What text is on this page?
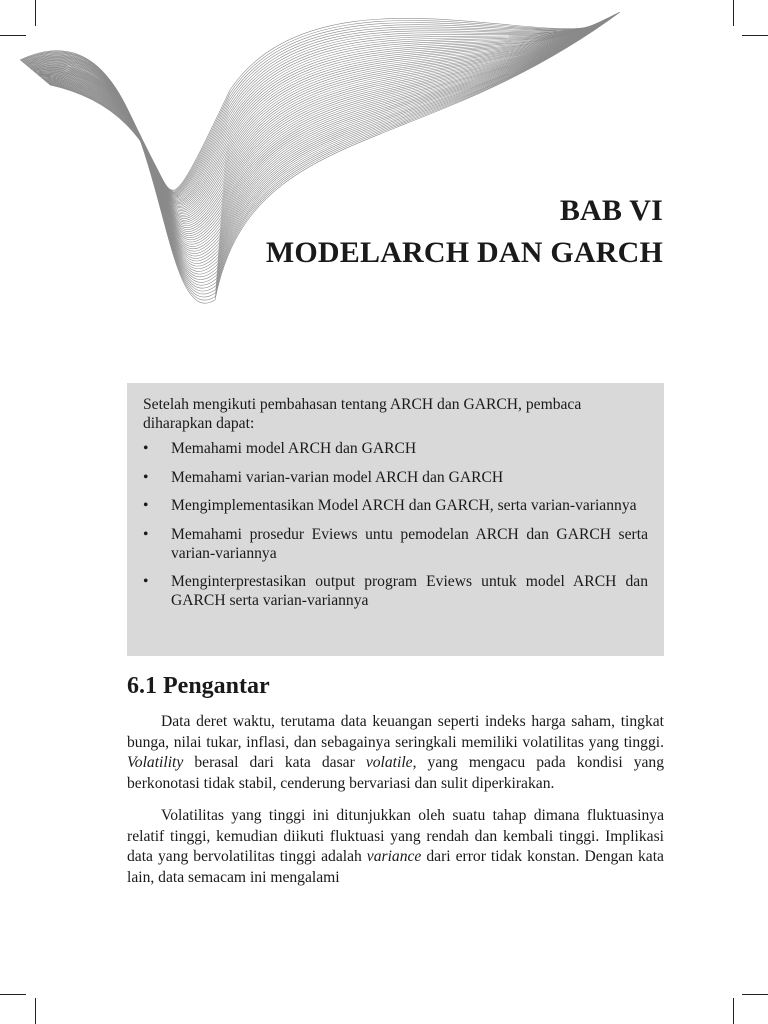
BAB VI
MODELARCH DAN GARCH

Setelah mengikuti pembahasan tentang ARCH dan GARCH, pembaca diharapkan dapat:

• Memahami model ARCH dan GARCH
• Memahami varian-varian model ARCH dan GARCH
• Mengimplementasikan Model ARCH dan GARCH, serta varian-variannya
• Memahami prosedur Eviews untu pemodelan ARCH dan GARCH serta varian-variannya
• Menginterprestasikan output program Eviews untuk model ARCH dan GARCH serta varian-variannya
6.1 Pengantar

Data deret waktu, terutama data keuangan seperti indeks harga saham, tingkat bunga, nilai tukar, inflasi, dan sebagainya seringkali memiliki volatilitas yang tinggi. Volatility berasal dari kata dasar volatile, yang mengacu pada kondisi yang berkonotasi tidak stabil, cenderung bervariasi dan sulit diperkirakan.

Volatilitas yang tinggi ini ditunjukkan oleh suatu tahap dimana fluktuasinya relatif tinggi, kemudian diikuti fluktuasi yang rendah dan kembali tinggi. Implikasi data yang bervolatilitas tinggi adalah variance dari error tidak konstan. Dengan kata lain, data semacam ini mengalami
